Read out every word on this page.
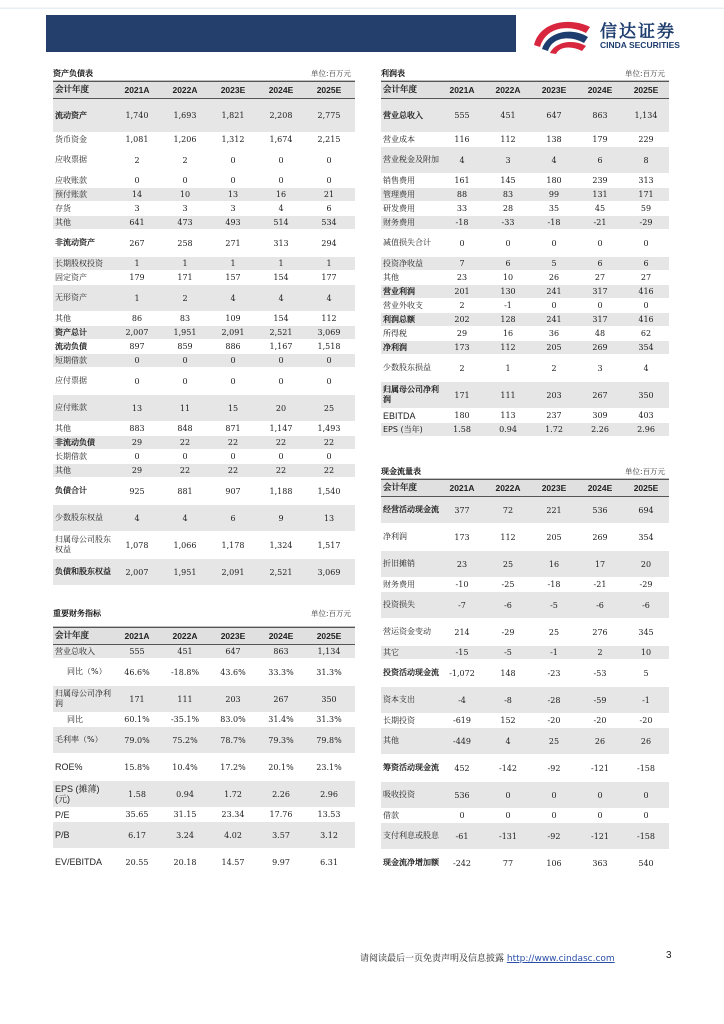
信达证券
CINDA SECURITIES
资产负债表	单位:百万元
会计年度	2021A	2022A	2023E	2024E	2025E
流动资产	1,740	1,693	1,821	2,208	2,775
货币资金	1,081	1,206	1,312	1,674	2,215
应收票据	2	2	0	0	0
应收账款	0	0	0	0	0
预付账款	14	10	13	16	21
存货	3	3	3	4	6
其他	641	473	493	514	534
非流动资产	267	258	271	313	294
长期股权投资	1	1	1	1	1
固定资产	179	171	157	154	177
无形资产	1	2	4	4	4
其他	86	83	109	154	112
资产总计	2,007	1,951	2,091	2,521	3,069
流动负债	897	859	886	1,167	1,518
短期借款	0	0	0	0	0
应付票据	0	0	0	0	0
应付账款	13	11	15	20	25
其他	883	848	871	1,147	1,493
非流动负债	29	22	22	22	22
长期借款	0	0	0	0	0
其他	29	22	22	22	22
负债合计	925	881	907	1,188	1,540
少数股东权益	4	4	6	9	13
归属母公司股东权益	1,078	1,066	1,178	1,324	1,517
负债和股东权益	2,007	1,951	2,091	2,521	3,069
利润表	单位:百万元
会计年度	2021A	2022A	2023E	2024E	2025E
营业总收入	555	451	647	863	1,134
营业成本	116	112	138	179	229
营业税金及附加	4	3	4	6	8
销售费用	161	145	180	239	313
管理费用	88	83	99	131	171
研发费用	33	28	35	45	59
财务费用	-18	-33	-18	-21	-29
减值损失合计	0	0	0	0	0
投资净收益	7	6	5	6	6
其他	23	10	26	27	27
营业利润	201	130	241	317	416
营业外收支	2	-1	0	0	0
利润总额	202	128	241	317	416
所得税	29	16	36	48	62
净利润	173	112	205	269	354
少数股东损益	2	1	2	3	4
归属母公司净利润	171	111	203	267	350
EBITDA	180	113	237	309	403
EPS (当年)	1.58	0.94	1.72	2.26	2.96
重要财务指标	单位:百万元
会计年度	2021A	2022A	2023E	2024E	2025E
营业总收入	555	451	647	863	1,134
同比（%）	46.6%	-18.8%	43.6%	33.3%	31.3%
归属母公司净利润	171	111	203	267	350
同比	60.1%	-35.1%	83.0%	31.4%	31.3%
毛利率（%）	79.0%	75.2%	78.7%	79.3%	79.8%
ROE%	15.8%	10.4%	17.2%	20.1%	23.1%
EPS (摊薄)(元)	1.58	0.94	1.72	2.26	2.96
P/E	35.65	31.15	23.34	17.76	13.53
P/B	6.17	3.24	4.02	3.57	3.12
EV/EBITDA	20.55	20.18	14.57	9.97	6.31
现金流量表	单位:百万元
会计年度	2021A	2022A	2023E	2024E	2025E
经营活动现金流	377	72	221	536	694
净利润	173	112	205	269	354
折旧摊销	23	25	16	17	20
财务费用	-10	-25	-18	-21	-29
投资损失	-7	-6	-5	-6	-6
营运资金变动	214	-29	25	276	345
其它	-15	-5	-1	2	10
投资活动现金流	-1,072	148	-23	-53	5
资本支出	-4	-8	-28	-59	-1
长期投资	-619	152	-20	-20	-20
其他	-449	4	25	26	26
筹资活动现金流	452	-142	-92	-121	-158
吸收投资	536	0	0	0	0
借款	0	0	0	0	0
支付利息或股息	-61	-131	-92	-121	-158
现金流净增加额	-242	77	106	363	540
请阅读最后一页免责声明及信息披露 http://www.cindasc.com	3
